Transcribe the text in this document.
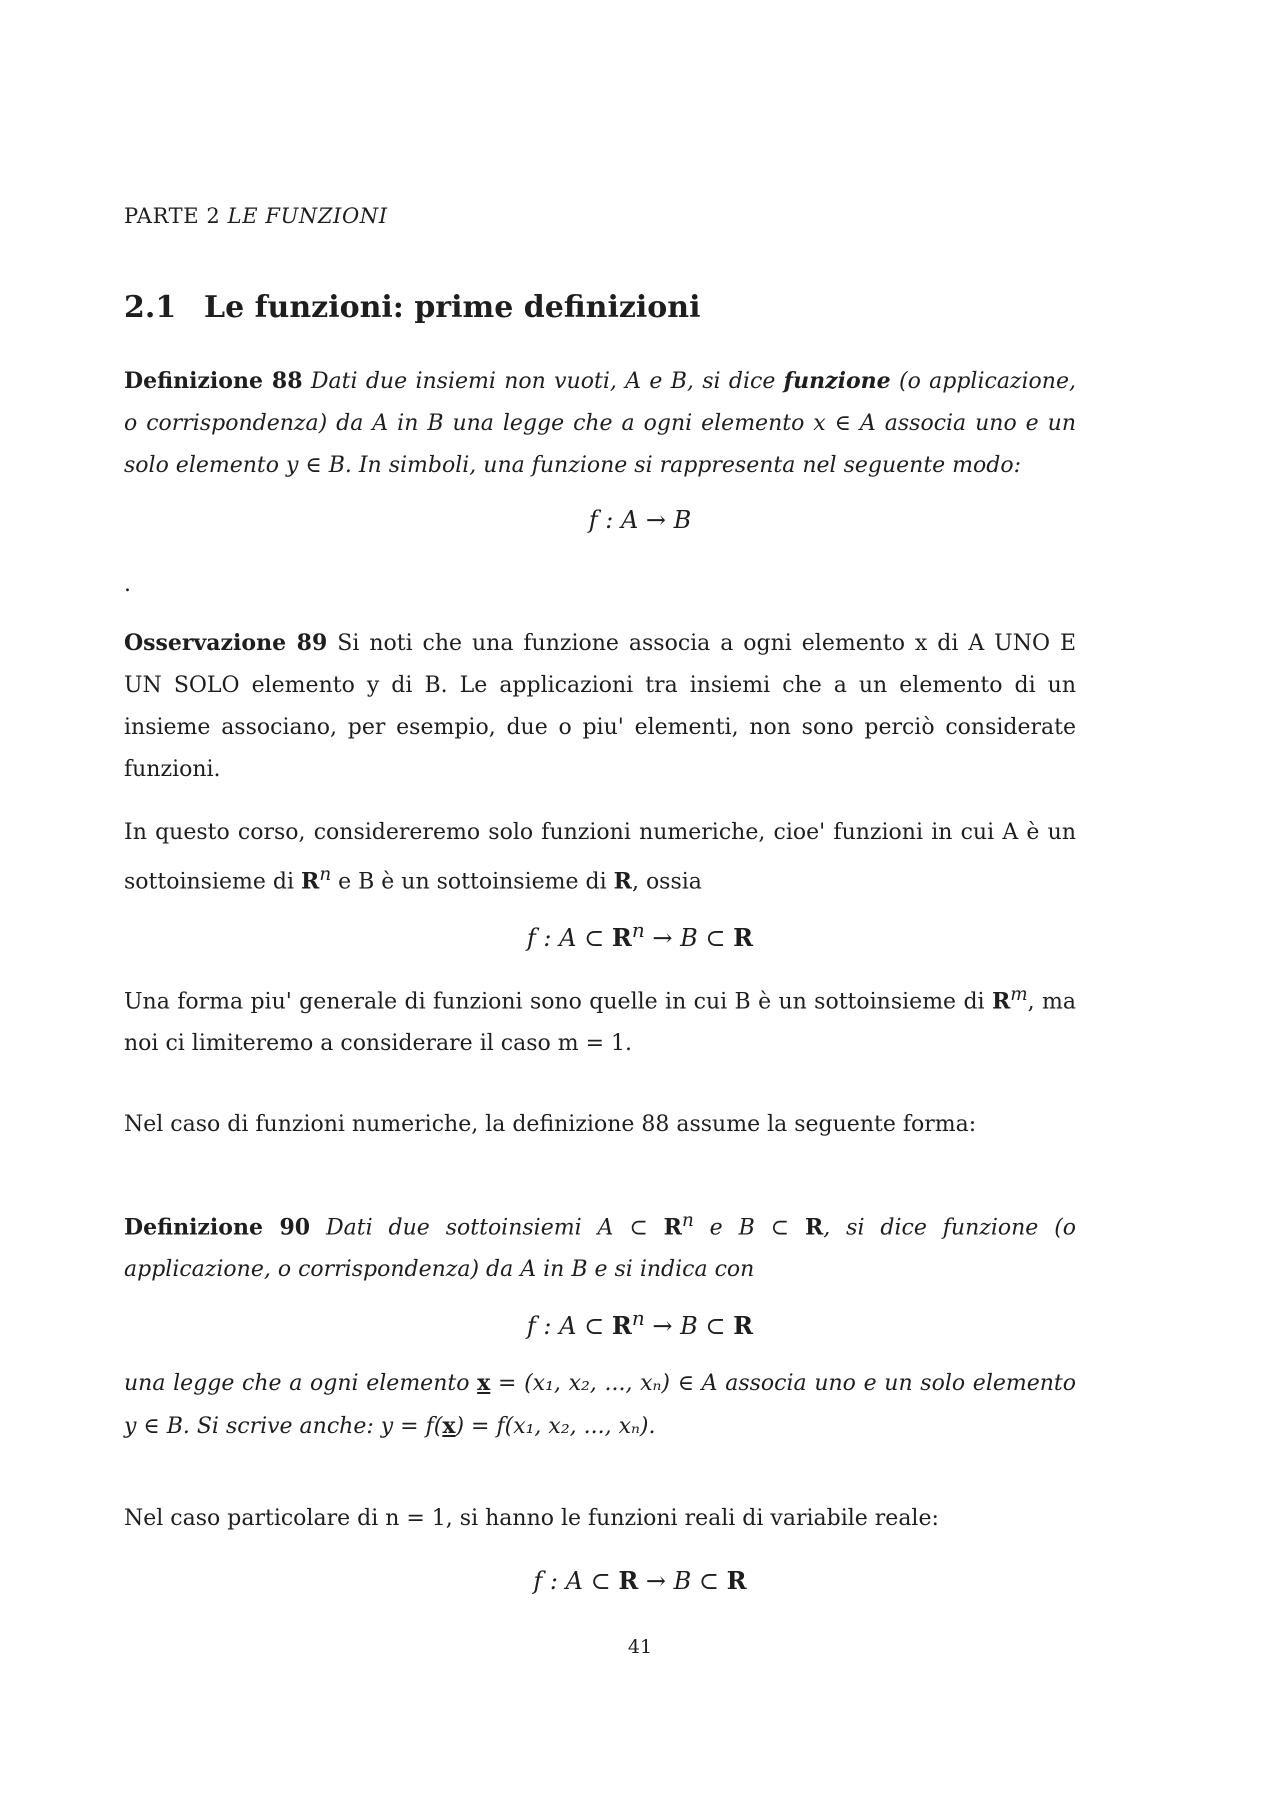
PARTE 2 LE FUNZIONI
2.1 Le funzioni: prime definizioni

Definizione 88 Dati due insiemi non vuoti, A e B, si dice funzione (o applicazione, o corrispondenza) da A in B una legge che a ogni elemento x ∈ A associa uno e un solo elemento y ∈ B. In simboli, una funzione si rappresenta nel seguente modo:

f : A → B

.

Osservazione 89 Si noti che una funzione associa a ogni elemento x di A UNO E UN SOLO elemento y di B. Le applicazioni tra insiemi che a un elemento di un insieme associano, per esempio, due o piu' elementi, non sono perciò considerate funzioni.

In questo corso, considereremo solo funzioni numeriche, cioe' funzioni in cui A è un sottoinsieme di $R^n$ e B è un sottoinsieme di R, ossia

f : A ⊂ $R^n \to B$ ⊂ R

Una forma piu' generale di funzioni sono quelle in cui B è un sottoinsieme di $R^m$, ma noi ci limiteremo a considerare il caso m = 1.

Nel caso di funzioni numeriche, la definizione 88 assume la seguente forma:

Definizione 90 Dati due sottoinsiemi A ⊂ $R^n$ e B ⊂ R, si dice funzione (o applicazione, o corrispondenza) da A in B e si indica con

f : A ⊂ $R^n \to B$ ⊂ R

una legge che a ogni elemento x = (x₁, x₂, ..., xₙ) ∈ A associa uno e un solo elemento y ∈ B. Si scrive anche: y = f(x) = f(x₁, x₂, ..., xₙ).

Nel caso particolare di n = 1, si hanno le funzioni reali di variabile reale:

f : A ⊂ R → B ⊂ R

41
